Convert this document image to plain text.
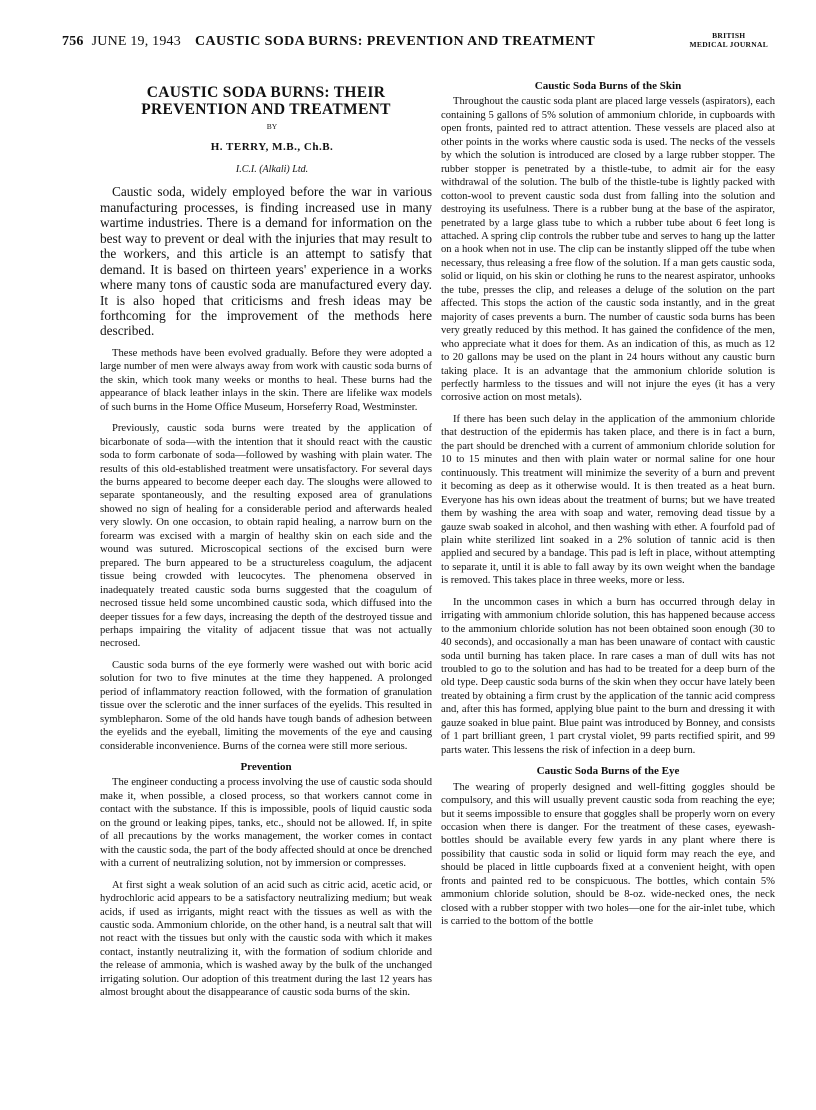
756 JUNE 19, 1943 CAUSTIC SODA BURNS: PREVENTION AND TREATMENT	BRITISH
MEDICAL JOURNAL
CAUSTIC SODA BURNS: THEIR PREVENTION AND TREATMENT

BY

H. TERRY, M.B., Ch.B.

I.C.I. (Alkali) Ltd.

Caustic soda, widely employed before the war in various manufacturing processes, is finding increased use in many wartime industries. There is a demand for information on the best way to prevent or deal with the injuries that may result to the workers, and this article is an attempt to satisfy that demand. It is based on thirteen years' experience in a works where many tons of caustic soda are manufactured every day. It is also hoped that criticisms and fresh ideas may be forthcoming for the improvement of the methods here described.

These methods have been evolved gradually. Before they were adopted a large number of men were always away from work with caustic soda burns of the skin, which took many weeks or months to heal. These burns had the appearance of black leather inlays in the skin. There are lifelike wax models of such burns in the Home Office Museum, Horseferry Road, Westminster.

Previously, caustic soda burns were treated by the application of bicarbonate of soda—with the intention that it should react with the caustic soda to form carbonate of soda—followed by washing with plain water. The results of this old-established treatment were unsatisfactory. For several days the burns appeared to become deeper each day. The sloughs were allowed to separate spontaneously, and the resulting exposed area of granulations showed no sign of healing for a considerable period and afterwards healed very slowly. On one occasion, to obtain rapid healing, a narrow burn on the forearm was excised with a margin of healthy skin on each side and the wound was sutured. Microscopical sections of the excised burn were prepared. The burn appeared to be a structureless coagulum, the adjacent tissue being crowded with leucocytes. The phenomena observed in inadequately treated caustic soda burns suggested that the coagulum of necrosed tissue held some uncombined caustic soda, which diffused into the deeper tissues for a few days, increasing the depth of the destroyed tissue and perhaps impairing the vitality of adjacent tissue that was not actually necrosed.

Caustic soda burns of the eye formerly were washed out with boric acid solution for two to five minutes at the time they happened. A prolonged period of inflammatory reaction followed, with the formation of granulation tissue over the sclerotic and the inner surfaces of the eyelids. This resulted in symblepharon. Some of the old hands have tough bands of adhesion between the eyelids and the eyeball, limiting the movements of the eye and causing considerable inconvenience. Burns of the cornea were still more serious.

Prevention

The engineer conducting a process involving the use of caustic soda should make it, when possible, a closed process, so that workers cannot come in contact with the substance. If this is impossible, pools of liquid caustic soda on the ground or leaking pipes, tanks, etc., should not be allowed. If, in spite of all precautions by the works management, the worker comes in contact with the caustic soda, the part of the body affected should at once be drenched with a current of neutralizing solution, not by immersion or compresses.

At first sight a weak solution of an acid such as citric acid, acetic acid, or hydrochloric acid appears to be a satisfactory neutralizing medium; but weak acids, if used as irrigants, might react with the tissues as well as with the caustic soda. Ammonium chloride, on the other hand, is a neutral salt that will not react with the tissues but only with the caustic soda with which it makes contact, instantly neutralizing it, with the formation of sodium chloride and the release of ammonia, which is washed away by the bulk of the unchanged irrigating solution. Our adoption of this treatment during the last 12 years has almost brought about the disappearance of caustic soda burns of the skin.

Caustic Soda Burns of the Skin

Throughout the caustic soda plant are placed large vessels (aspirators), each containing 5 gallons of 5% solution of ammonium chloride, in cupboards with open fronts, painted red to attract attention. These vessels are placed also at other points in the works where caustic soda is used. The necks of the vessels by which the solution is introduced are closed by a large rubber stopper. The rubber stopper is penetrated by a thistle-tube, to admit air for the easy withdrawal of the solution. The bulb of the thistle-tube is lightly packed with cotton-wool to prevent caustic soda dust from falling into the solution and destroying its usefulness. There is a rubber bung at the base of the aspirator, penetrated by a large glass tube to which a rubber tube about 6 feet long is attached. A spring clip controls the rubber tube and serves to hang up the latter on a hook when not in use. The clip can be instantly slipped off the tube when necessary, thus releasing a free flow of the solution. If a man gets caustic soda, solid or liquid, on his skin or clothing he runs to the nearest aspirator, unhooks the tube, presses the clip, and releases a deluge of the solution on the part affected. This stops the action of the caustic soda instantly, and in the great majority of cases prevents a burn. The number of caustic soda burns has been very greatly reduced by this method. It has gained the confidence of the men, who appreciate what it does for them. As an indication of this, as much as 12 to 20 gallons may be used on the plant in 24 hours without any caustic burn taking place. It is an advantage that the ammonium chloride solution is perfectly harmless to the tissues and will not injure the eyes (it has a very corrosive action on most metals).

If there has been such delay in the application of the ammonium chloride that destruction of the epidermis has taken place, and there is in fact a burn, the part should be drenched with a current of ammonium chloride solution for 10 to 15 minutes and then with plain water or normal saline for one hour continuously. This treatment will minimize the severity of a burn and prevent it becoming as deep as it otherwise would. It is then treated as a heat burn. Everyone has his own ideas about the treatment of burns; but we have treated them by washing the area with soap and water, removing dead tissue by a gauze swab soaked in alcohol, and then washing with ether. A fourfold pad of plain white sterilized lint soaked in a 2% solution of tannic acid is then applied and secured by a bandage. This pad is left in place, without attempting to separate it, until it is able to fall away by its own weight when the bandage is removed. This takes place in three weeks, more or less.

In the uncommon cases in which a burn has occurred through delay in irrigating with ammonium chloride solution, this has happened because access to the ammonium chloride solution has not been obtained soon enough (30 to 40 seconds), and occasionally a man has been unaware of contact with caustic soda until burning has taken place. In rare cases a man of dull wits has not troubled to go to the solution and has had to be treated for a deep burn of the old type. Deep caustic soda burns of the skin when they occur have lately been treated by obtaining a firm crust by the application of the tannic acid compress and, after this has formed, applying blue paint to the burn and dressing it with gauze soaked in blue paint. Blue paint was introduced by Bonney, and consists of 1 part brilliant green, 1 part crystal violet, 99 parts rectified spirit, and 99 parts water. This lessens the risk of infection in a deep burn.

Caustic Soda Burns of the Eye

The wearing of properly designed and well-fitting goggles should be compulsory, and this will usually prevent caustic soda from reaching the eye; but it seems impossible to ensure that goggles shall be properly worn on every occasion when there is danger. For the treatment of these cases, eyewash-bottles should be available every few yards in any plant where there is possibility that caustic soda in solid or liquid form may reach the eye, and should be placed in little cupboards fixed at a convenient height, with open fronts and painted red to be conspicuous. The bottles, which contain 5% ammonium chloride solution, should be 8-oz. wide-necked ones, the neck closed with a rubber stopper with two holes—one for the air-inlet tube, which is carried to the bottom of the bottle
